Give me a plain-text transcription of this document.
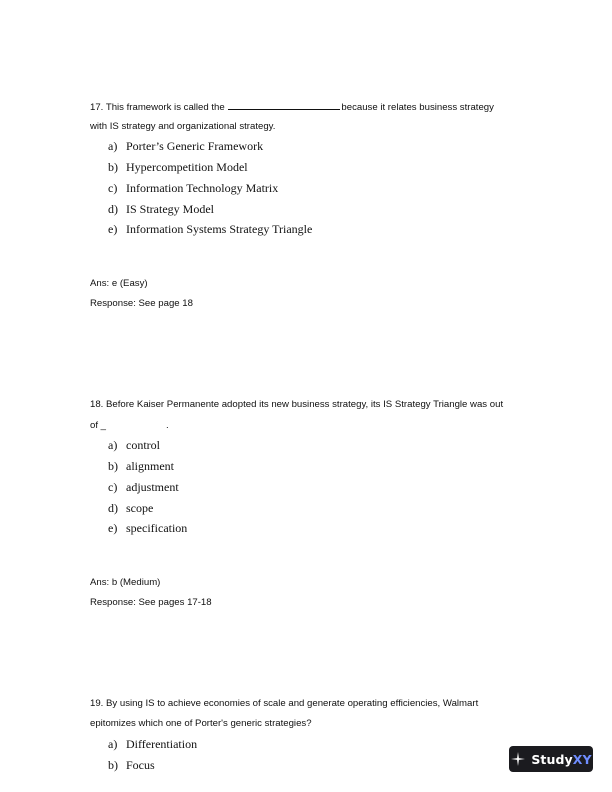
17. This framework is called the	because it relates business strategy
with IS strategy and organizational strategy.
a) Porter’s Generic Framework
b) Hypercompetition Model
c) Information Technology Matrix
d) IS Strategy Model
e) Information Systems Strategy Triangle
Ans: e (Easy)
Response: See page 18
18. Before Kaiser Permanente adopted its new business strategy, its IS Strategy Triangle was out
of _	.
a) control
b) alignment
c) adjustment
d) scope
e) specification
Ans: b (Medium)
Response: See pages 17-18
19. By using IS to achieve economies of scale and generate operating efficiencies, Walmart
epitomizes which one of Porter's generic strategies?
a) Differentiation
b) Focus	StudyXY
